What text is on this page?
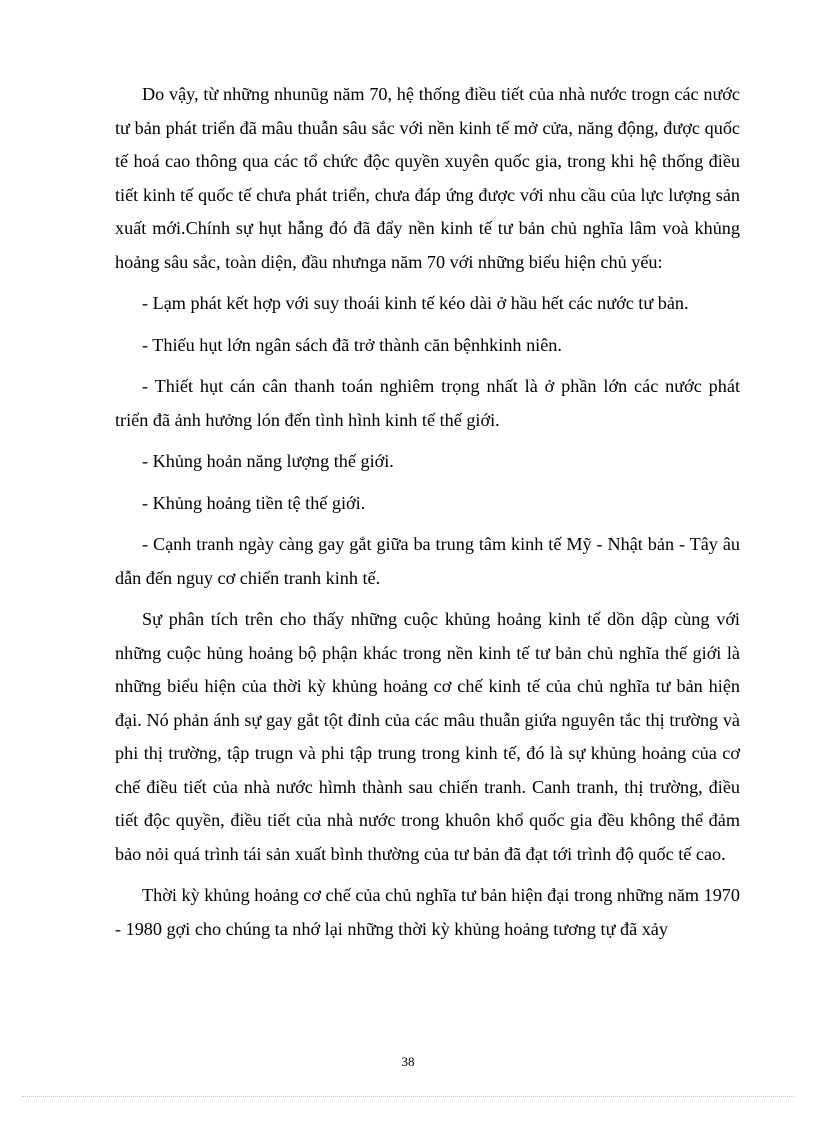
Do vậy, từ những nhunũg năm 70, hệ thống điều tiết của nhà nước trogn các nước tư bản phát triển đã mâu thuẫn sâu sắc với nền kinh tế mở cửa, năng động, được quốc tế hoá cao thông qua các tổ chức độc quyền xuyên quốc gia, trong khi hệ thống điều tiết kinh tế quốc tế chưa phát triển, chưa đáp ứng được với nhu cầu của lực lượng sản xuất mới.Chính sự hụt hẫng đó đã đẩy nền kinh tế tư bản chủ nghĩa lâm voà khủng hoảng sâu sắc, toàn diện, đầu nhưnga năm 70 với những biểu hiện chủ yếu:

- Lạm phát kết hợp với suy thoái kinh tế kéo dài ở hầu hết các nước tư bản.

- Thiếu hụt lớn ngân sách đã trở thành căn bệnhkinh niên.

- Thiết hụt cán cân thanh toán nghiêm trọng nhất là ở phần lớn các nước phát triển đã ảnh hưởng lón đến tình hình kinh tế thế giới.

- Khủng hoản năng lượng thế giới.

- Khủng hoảng tiền tệ thế giới.

- Cạnh tranh ngày càng gay gắt giữa ba trung tâm kinh tế Mỹ - Nhật bản - Tây âu dẫn đến nguy cơ chiến tranh kinh tế.

Sự phân tích trên cho thấy những cuộc khủng hoảng kinh tế dồn dập cùng với những cuộc hủng hoảng bộ phận khác trong nền kinh tế tư bản chủ nghĩa thế giới là những biểu hiện của thời kỳ khủng hoảng cơ chế kinh tế của chủ nghĩa tư bản hiện đại. Nó phản ánh sự gay gắt tột đỉnh của các mâu thuẫn giứa nguyên tắc thị trường và phi thị trường, tập trugn và phi tập trung trong kinh tế, đó là sự khủng hoảng của cơ chế điều tiết của nhà nước hìmh thành sau chiến tranh. Canh tranh, thị trường, điều tiết độc quyền, điều tiết của nhà nước trong khuôn khổ quốc gia đều không thể đảm bảo nỏi quá trình tái sản xuất bình thường của tư bản đã đạt tới trình độ quốc tế cao.

Thời kỳ khủng hoảng cơ chế của chủ nghĩa tư bản hiện đại trong những năm 1970 - 1980 gợi cho chúng ta nhớ lại những thời kỳ khủng hoảng tương tự đã xảy

38
